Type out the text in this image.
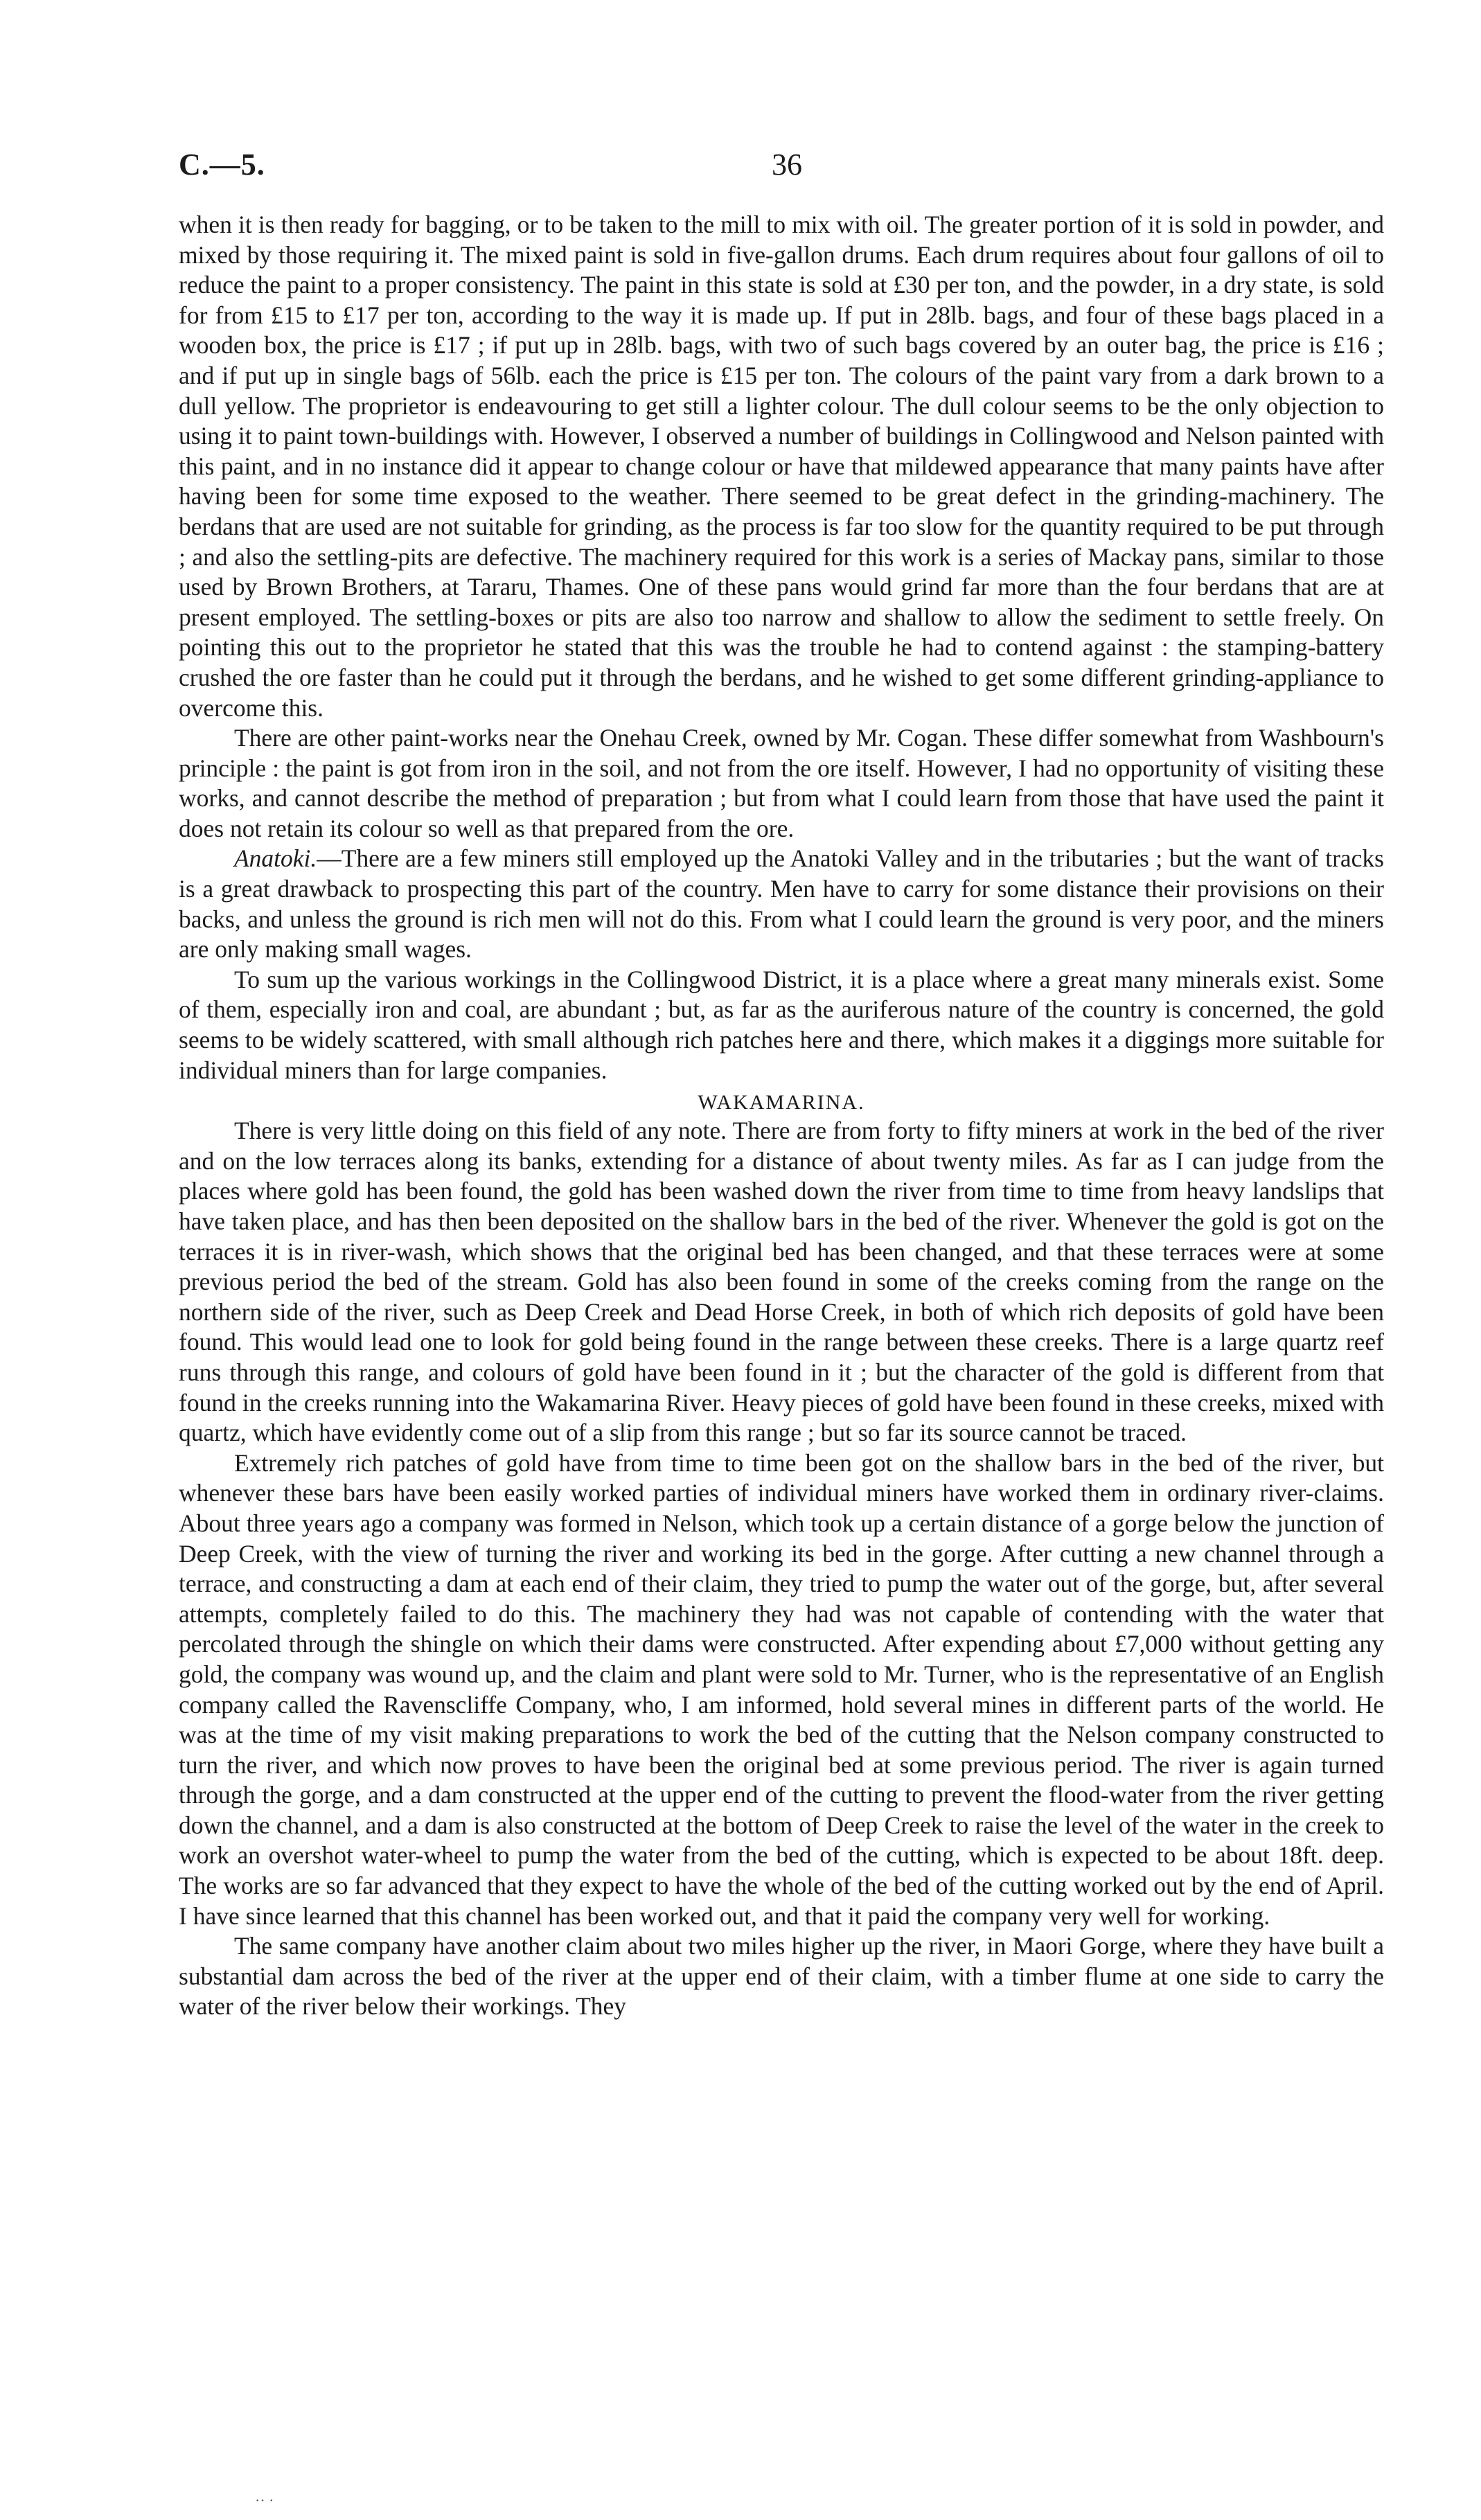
C.—5.	36

when it is then ready for bagging, or to be taken to the mill to mix with oil. The greater portion of it is sold in powder, and mixed by those requiring it. The mixed paint is sold in five-gallon drums. Each drum requires about four gallons of oil to reduce the paint to a proper consistency. The paint in this state is sold at £30 per ton, and the powder, in a dry state, is sold for from £15 to £17 per ton, according to the way it is made up. If put in 28lb. bags, and four of these bags placed in a wooden box, the price is £17 ; if put up in 28lb. bags, with two of such bags covered by an outer bag, the price is £16 ; and if put up in single bags of 56lb. each the price is £15 per ton. The colours of the paint vary from a dark brown to a dull yellow. The proprietor is endeavouring to get still a lighter colour. The dull colour seems to be the only objection to using it to paint town-buildings with. However, I observed a number of buildings in Collingwood and Nelson painted with this paint, and in no instance did it appear to change colour or have that mildewed appearance that many paints have after having been for some time exposed to the weather. There seemed to be great defect in the grinding-machinery. The berdans that are used are not suitable for grinding, as the process is far too slow for the quantity required to be put through ; and also the settling-pits are defective. The machinery required for this work is a series of Mackay pans, similar to those used by Brown Brothers, at Tararu, Thames. One of these pans would grind far more than the four berdans that are at present employed. The settling-boxes or pits are also too narrow and shallow to allow the sediment to settle freely. On pointing this out to the proprietor he stated that this was the trouble he had to contend against : the stamping-battery crushed the ore faster than he could put it through the berdans, and he wished to get some different grinding-appliance to overcome this.

There are other paint-works near the Onehau Creek, owned by Mr. Cogan. These differ somewhat from Washbourn's principle : the paint is got from iron in the soil, and not from the ore itself. However, I had no opportunity of visiting these works, and cannot describe the method of preparation ; but from what I could learn from those that have used the paint it does not retain its colour so well as that prepared from the ore.

Anatoki.—There are a few miners still employed up the Anatoki Valley and in the tributaries ; but the want of tracks is a great drawback to prospecting this part of the country. Men have to carry for some distance their provisions on their backs, and unless the ground is rich men will not do this. From what I could learn the ground is very poor, and the miners are only making small wages.

To sum up the various workings in the Collingwood District, it is a place where a great many minerals exist. Some of them, especially iron and coal, are abundant ; but, as far as the auriferous nature of the country is concerned, the gold seems to be widely scattered, with small although rich patches here and there, which makes it a diggings more suitable for individual miners than for large companies.

WAKAMARINA.

There is very little doing on this field of any note. There are from forty to fifty miners at work in the bed of the river and on the low terraces along its banks, extending for a distance of about twenty miles. As far as I can judge from the places where gold has been found, the gold has been washed down the river from time to time from heavy landslips that have taken place, and has then been deposited on the shallow bars in the bed of the river. Whenever the gold is got on the terraces it is in river-wash, which shows that the original bed has been changed, and that these terraces were at some previous period the bed of the stream. Gold has also been found in some of the creeks coming from the range on the northern side of the river, such as Deep Creek and Dead Horse Creek, in both of which rich deposits of gold have been found. This would lead one to look for gold being found in the range between these creeks. There is a large quartz reef runs through this range, and colours of gold have been found in it ; but the character of the gold is different from that found in the creeks running into the Wakamarina River. Heavy pieces of gold have been found in these creeks, mixed with quartz, which have evidently come out of a slip from this range ; but so far its source cannot be traced.

Extremely rich patches of gold have from time to time been got on the shallow bars in the bed of the river, but whenever these bars have been easily worked parties of individual miners have worked them in ordinary river-claims. About three years ago a company was formed in Nelson, which took up a certain distance of a gorge below the junction of Deep Creek, with the view of turning the river and working its bed in the gorge. After cutting a new channel through a terrace, and constructing a dam at each end of their claim, they tried to pump the water out of the gorge, but, after several attempts, completely failed to do this. The machinery they had was not capable of contending with the water that percolated through the shingle on which their dams were constructed. After expending about £7,000 without getting any gold, the company was wound up, and the claim and plant were sold to Mr. Turner, who is the representative of an English company called the Ravenscliffe Company, who, I am informed, hold several mines in different parts of the world. He was at the time of my visit making preparations to work the bed of the cutting that the Nelson company constructed to turn the river, and which now proves to have been the original bed at some previous period. The river is again turned through the gorge, and a dam constructed at the upper end of the cutting to prevent the flood-water from the river getting down the channel, and a dam is also constructed at the bottom of Deep Creek to raise the level of the water in the creek to work an overshot water-wheel to pump the water from the bed of the cutting, which is expected to be about 18ft. deep. The works are so far advanced that they expect to have the whole of the bed of the cutting worked out by the end of April. I have since learned that this channel has been worked out, and that it paid the company very well for working.

The same company have another claim about two miles higher up the river, in Maori Gorge, where they have built a substantial dam across the bed of the river at the upper end of their claim, with a timber flume at one side to carry the water of the river below their workings. They

·· ·
